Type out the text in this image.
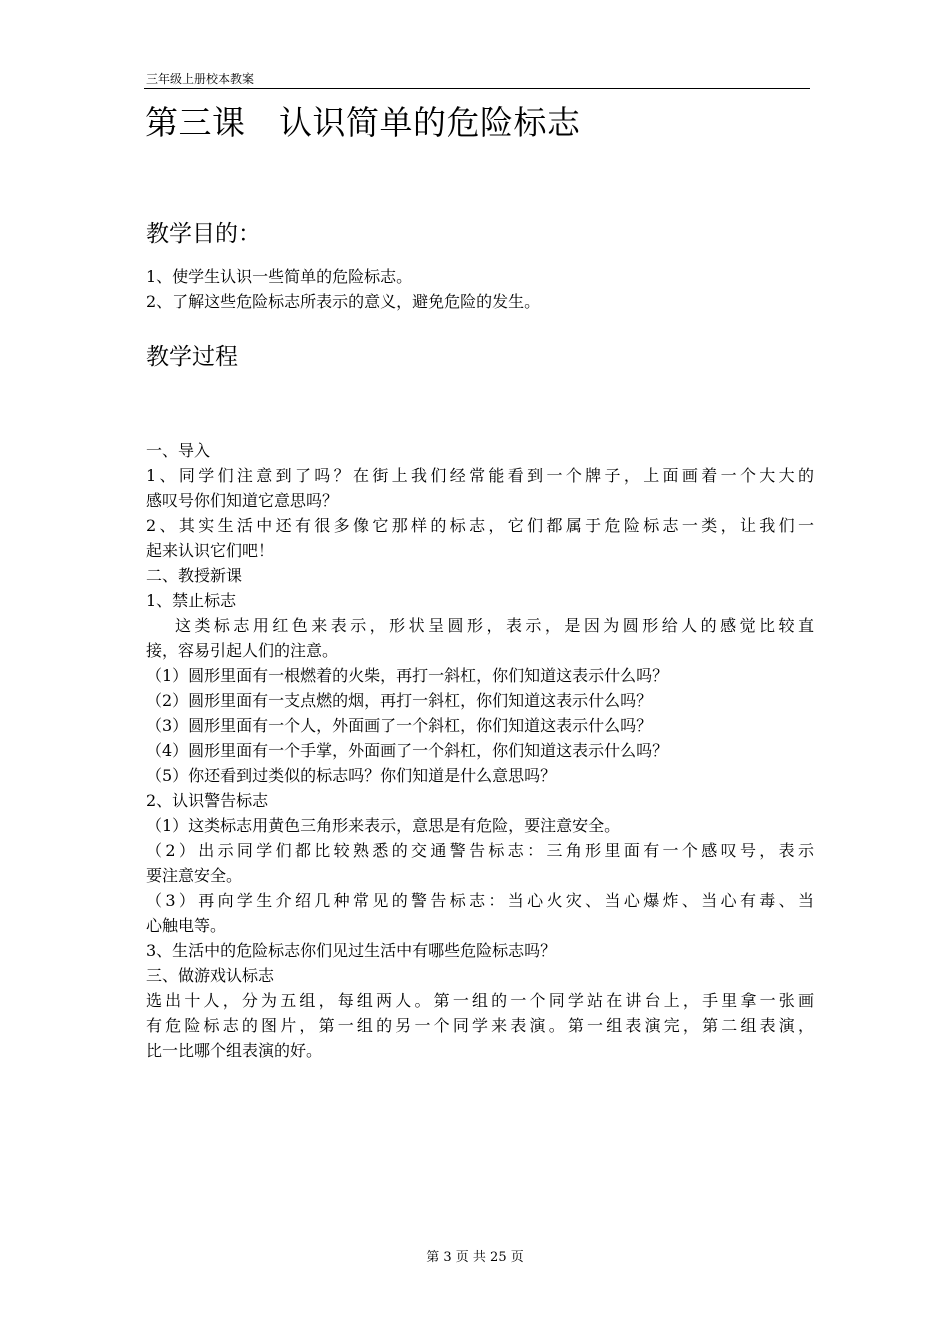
三年级上册校本教案
第三课　认识简单的危险标志
教学目的：
1、使学生认识一些简单的危险标志。
2、了解这些危险标志所表示的意义，避免危险的发生。
教学过程
一、导入
1、同学们注意到了吗？在街上我们经常能看到一个牌子，上面画着一个大大的
感叹号你们知道它意思吗？
2、其实生活中还有很多像它那样的标志，它们都属于危险标志一类，让我们一
起来认识它们吧！
二、教授新课
1、禁止标志
这类标志用红色来表示，形状呈圆形，表示，是因为圆形给人的感觉比较直
接，容易引起人们的注意。
（1）圆形里面有一根燃着的火柴，再打一斜杠，你们知道这表示什么吗？
（2）圆形里面有一支点燃的烟，再打一斜杠，你们知道这表示什么吗？
（3）圆形里面有一个人，外面画了一个斜杠，你们知道这表示什么吗？
（4）圆形里面有一个手掌，外面画了一个斜杠，你们知道这表示什么吗？
（5）你还看到过类似的标志吗？你们知道是什么意思吗？
2、认识警告标志
（1）这类标志用黄色三角形来表示，意思是有危险，要注意安全。
（2）出示同学们都比较熟悉的交通警告标志：三角形里面有一个感叹号，表示
要注意安全。
（3）再向学生介绍几种常见的警告标志：当心火灾、当心爆炸、当心有毒、当
心触电等。
3、生活中的危险标志你们见过生活中有哪些危险标志吗？
三、做游戏认标志
选出十人，分为五组，每组两人。第一组的一个同学站在讲台上，手里拿一张画
有危险标志的图片，第一组的另一个同学来表演。第一组表演完，第二组表演，
比一比哪个组表演的好。
第 3 页 共 25 页
